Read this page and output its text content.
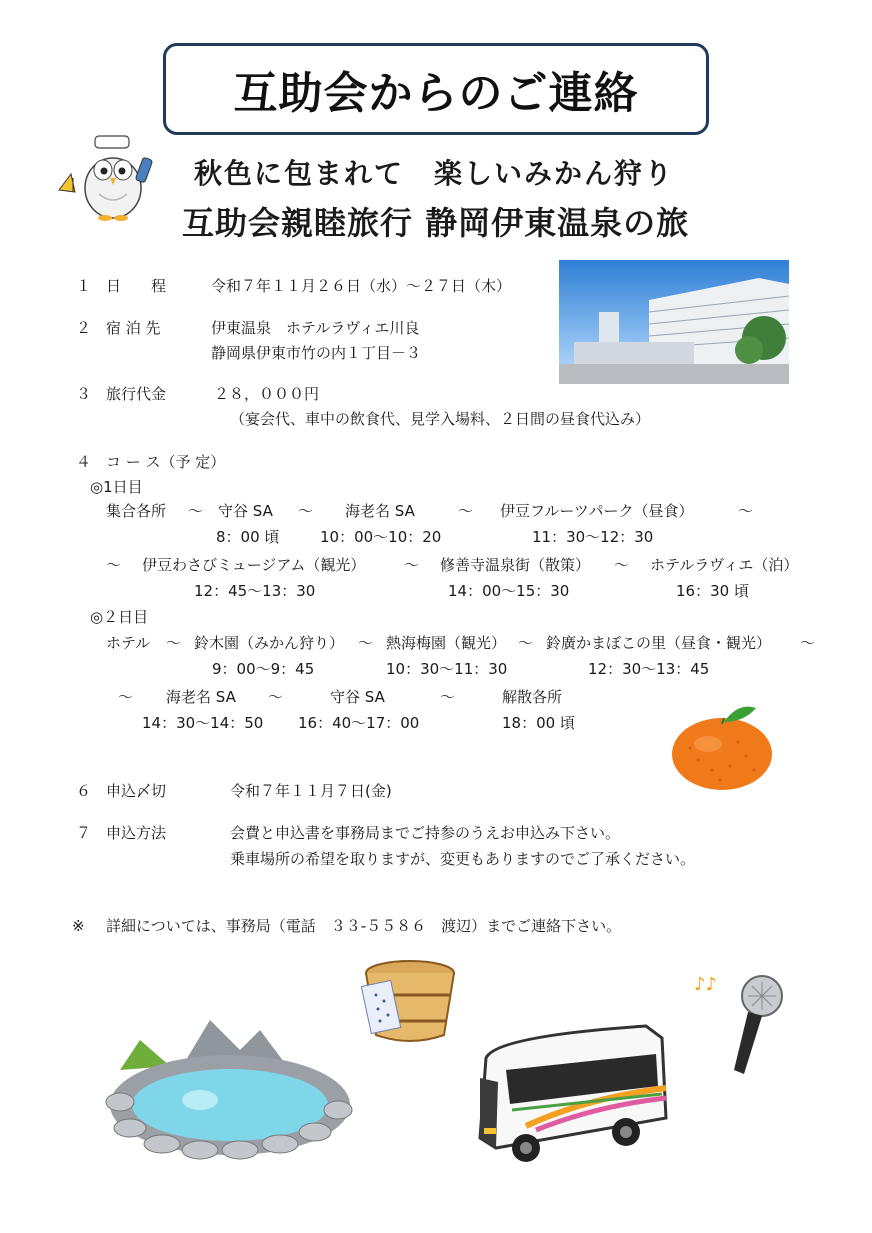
互助会からのご連絡
秋色に包まれて　楽しいみかん狩り
互助会親睦旅行 静岡伊東温泉の旅
１ 日　　程	令和７年１１月２６日（水）～２７日（木）
２ 宿 泊 先	伊東温泉　ホテルラヴィエ川良
静岡県伊東市竹の内１丁目－３
３ 旅行代金	２８，０００円
（宴会代、車中の飲食代、見学入場料、２日間の昼食代込み）
４ コ ー ス（予 定）
◎1日目
集合各所 ～ 守谷 SA ～ 海老名 SA	～ 伊豆フルーツパーク（昼食）	～
8：00 頃	10：00～10：20	11：30～12：30
～ 伊豆わさびミュージアム（観光）	～ 修善寺温泉街（散策） ～ ホテルラヴィエ（泊）
12：45～13：30	14：00～15：30	16：30 頃
◎２日目
ホテル ～ 鈴木園（みかん狩り） ～ 熱海梅園（観光） ～ 鈴廣かまぼこの里（昼食・観光） ～
9：00～9：45	10：30～11：30	12：30～13：45
～ 海老名 SA ～	守谷 SA	～	解散各所
14：30～14：50 16：40～17：00	18：00 頃
６ 申込〆切	令和７年１１月７日(金)
７ 申込方法	会費と申込書を事務局までご持参のうえお申込み下さい。
乗車場所の希望を取りますが、変更もありますのでご了承ください。
※ 詳細については、事務局（電話　３３-５５８６　渡辺）までご連絡下さい。
♪♪
